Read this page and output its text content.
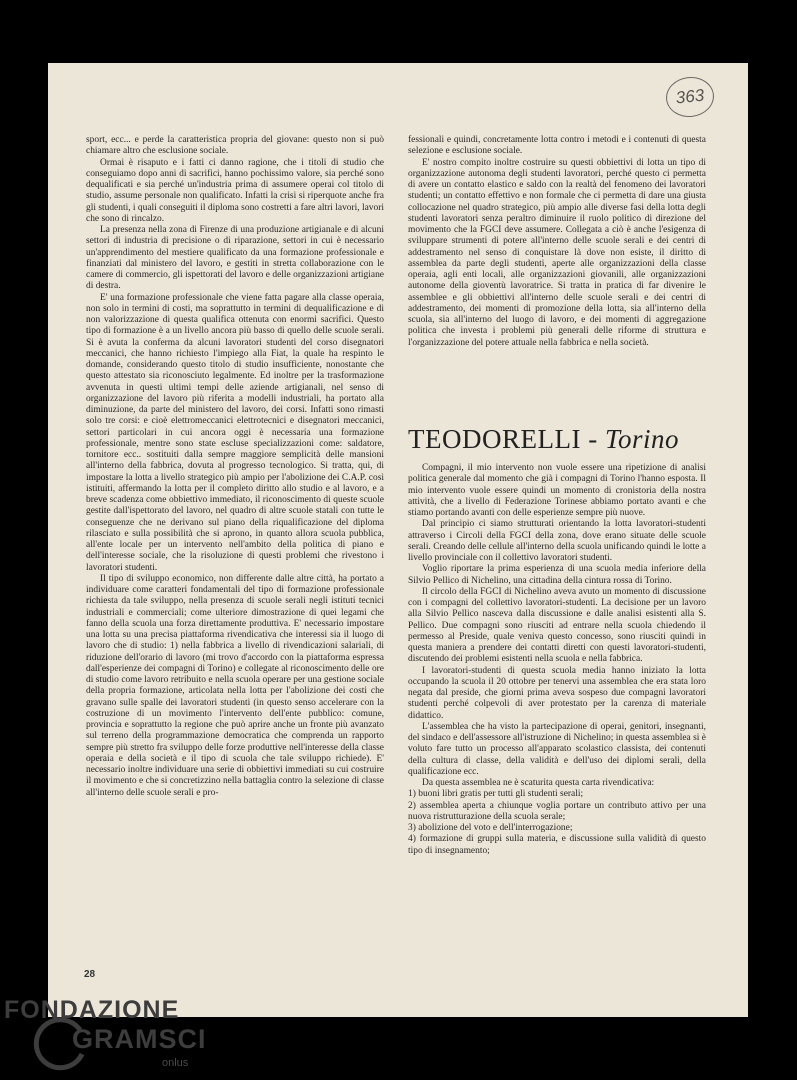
363

sport, ecc... e perde la caratteristica propria del giovane: questo non si può chiamare altro che esclusione sociale.

Ormai è risaputo e i fatti ci danno ragione, che i titoli di studio che conseguiamo dopo anni di sacrifici, hanno pochissimo valore, sia perché sono dequalificati e sia perché un'industria prima di assumere operai col titolo di studio, assume personale non qualificato. Infatti la crisi si riperquote anche fra gli studenti, i quali conseguiti il diploma sono costretti a fare altri lavori, lavori che sono di rincalzo.

La presenza nella zona di Firenze di una produzione artigianale e di alcuni settori di industria di precisione o di riparazione, settori in cui è necessario un'apprendimento del mestiere qualificato da una formazione professionale e finanziati dal ministero del lavoro, e gestiti in stretta collaborazione con le camere di commercio, gli ispettorati del lavoro e delle organizzazioni artigiane di destra.

E' una formazione professionale che viene fatta pagare alla classe operaia, non solo in termini di costi, ma soprattutto in termini di dequalificazione e di non valorizzazione di questa qualifica ottenuta con enormi sacrifici. Questo tipo di formazione è a un livello ancora più basso di quello delle scuole serali. Si è avuta la conferma da alcuni lavoratori studenti del corso disegnatori meccanici, che hanno richiesto l'impiego alla Fiat, la quale ha respinto le domande, considerando questo titolo di studio insufficiente, nonostante che questo attestato sia riconosciuto legalmente. Ed inoltre per la trasformazione avvenuta in questi ultimi tempi delle aziende artigianali, nel senso di organizzazione del lavoro più riferita a modelli industriali, ha portato alla diminuzione, da parte del ministero del lavoro, dei corsi. Infatti sono rimasti solo tre corsi: e cioè elettromeccanici elettrotecnici e disegnatori meccanici, settori particolari in cui ancora oggi è necessaria una formazione professionale, mentre sono state escluse specializzazioni come: saldatore, tornitore ecc.. sostituiti dalla sempre maggiore semplicità delle mansioni all'interno della fabbrica, dovuta al progresso tecnologico. Si tratta, qui, di impostare la lotta a livello strategico più ampio per l'abolizione dei C.A.P. così istituiti, affermando la lotta per il completo diritto allo studio e al lavoro, e a breve scadenza come obbiettivo immediato, il riconoscimento di queste scuole gestite dall'ispettorato del lavoro, nel quadro di altre scuole statali con tutte le conseguenze che ne derivano sul piano della riqualificazione del diploma rilasciato e sulla possibilità che si aprono, in quanto allora scuola pubblica, all'ente locale per un intervento nell'ambito della politica di piano e dell'interesse sociale, che la risoluzione di questi problemi che rivestono i lavoratori studenti.

Il tipo di sviluppo economico, non differente dalle altre città, ha portato a individuare come caratteri fondamentali del tipo di formazione professionale richiesta da tale sviluppo, nella presenza di scuole serali negli istituti tecnici industriali e commerciali; come ulteriore dimostrazione di quei legami che fanno della scuola una forza direttamente produttiva. E' necessario impostare una lotta su una precisa piattaforma rivendicativa che interessi sia il luogo di lavoro che di studio: 1) nella fabbrica a livello di rivendicazioni salariali, di riduzione dell'orario di lavoro (mi trovo d'accordo con la piattaforma espressa dall'esperienze dei compagni di Torino) e collegate al riconoscimento delle ore di studio come lavoro retribuito e nella scuola operare per una gestione sociale della propria formazione, articolata nella lotta per l'abolizione dei costi che gravano sulle spalle dei lavoratori studenti (in questo senso accelerare con la costruzione di un movimento l'intervento dell'ente pubblico: comune, provincia e soprattutto la regione che può aprire anche un fronte più avanzato sul terreno della programmazione democratica che comprenda un rapporto sempre più stretto fra sviluppo delle forze produttive nell'interesse della classe operaia e della società e il tipo di scuola che tale sviluppo richiede). E' necessario inoltre individuare una serie di obbiettivi immediati su cui costruire il movimento e che si concretizzino nella battaglia contro la selezione di classe all'interno delle scuole serali e pro-

fessionali e quindi, concretamente lotta contro i metodi e i contenuti di questa selezione e esclusione sociale.

E' nostro compito inoltre costruire su questi obbiettivi di lotta un tipo di organizzazione autonoma degli studenti lavoratori, perché questo ci permetta di avere un contatto elastico e saldo con la realtà del fenomeno dei lavoratori studenti; un contatto effettivo e non formale che ci permetta di dare una giusta collocazione nel quadro strategico, più ampio alle diverse fasi della lotta degli studenti lavoratori senza peraltro diminuire il ruolo politico di direzione del movimento che la FGCI deve assumere. Collegata a ciò è anche l'esigenza di sviluppare strumenti di potere all'interno delle scuole serali e dei centri di addestramento nel senso di conquistare là dove non esiste, il diritto di assemblea da parte degli studenti, aperte alle organizzazioni della classe operaia, agli enti locali, alle organizzazioni giovanili, alle organizzazioni autonome della gioventù lavoratrice. Si tratta in pratica di far divenire le assemblee e gli obbiettivi all'interno delle scuole serali e dei centri di addestramento, dei momenti di promozione della lotta, sia all'interno della scuola, sia all'interno del luogo di lavoro, e dei momenti di aggregazione politica che investa i problemi più generali delle riforme di struttura e l'organizzazione del potere attuale nella fabbrica e nella società.

TEODORELLI - Torino

Compagni, il mio intervento non vuole essere una ripetizione di analisi politica generale dal momento che già i compagni di Torino l'hanno esposta. Il mio intervento vuole essere quindi un momento di cronistoria della nostra attività, che a livello di Federazione Torinese abbiamo portato avanti e che stiamo portando avanti con delle esperienze sempre più nuove.

Dal principio ci siamo strutturati orientando la lotta lavoratori-studenti attraverso i Circoli della FGCI della zona, dove erano situate delle scuole serali. Creando delle cellule all'interno della scuola unificando quindi le lotte a livello provinciale con il collettivo lavoratori studenti.

Voglio riportare la prima esperienza di una scuola media inferiore della Silvio Pellico di Nichelino, una cittadina della cintura rossa di Torino.

Il circolo della FGCI di Nichelino aveva avuto un momento di discussione con i compagni del collettivo lavoratori-studenti. La decisione per un lavoro alla Silvio Pellico nasceva dalla discussione e dalle analisi esistenti alla S. Pellico. Due compagni sono riusciti ad entrare nella scuola chiedendo il permesso al Preside, quale veniva questo concesso, sono riusciti quindi in questa maniera a prendere dei contatti diretti con questi lavoratori-studenti, discutendo dei problemi esistenti nella scuola e nella fabbrica.

I lavoratori-studenti di questa scuola media hanno iniziato la lotta occupando la scuola il 20 ottobre per tenervi una assemblea che era stata loro negata dal preside, che giorni prima aveva sospeso due compagni lavoratori studenti perché colpevoli di aver protestato per la carenza di materiale didattico.

L'assemblea che ha visto la partecipazione di operai, genitori, insegnanti, del sindaco e dell'assessore all'istruzione di Nichelino; in questa assemblea si è voluto fare tutto un processo all'apparato scolastico classista, dei contenuti della cultura di classe, della validità e dell'uso dei diplomi serali, della qualificazione ecc.

Da questa assemblea ne è scaturita questa carta rivendicativa:

1) buoni libri gratis per tutti gli studenti serali;

2) assemblea aperta a chiunque voglia portare un contributo attivo per una nuova ristrutturazione della scuola serale;

3) abolizione del voto e dell'interrogazione;

4) formazione di gruppi sulla materia, e discussione sulla validità di questo tipo di insegnamento;

28
FONDAZIONE
GRAMSCI
onlus
